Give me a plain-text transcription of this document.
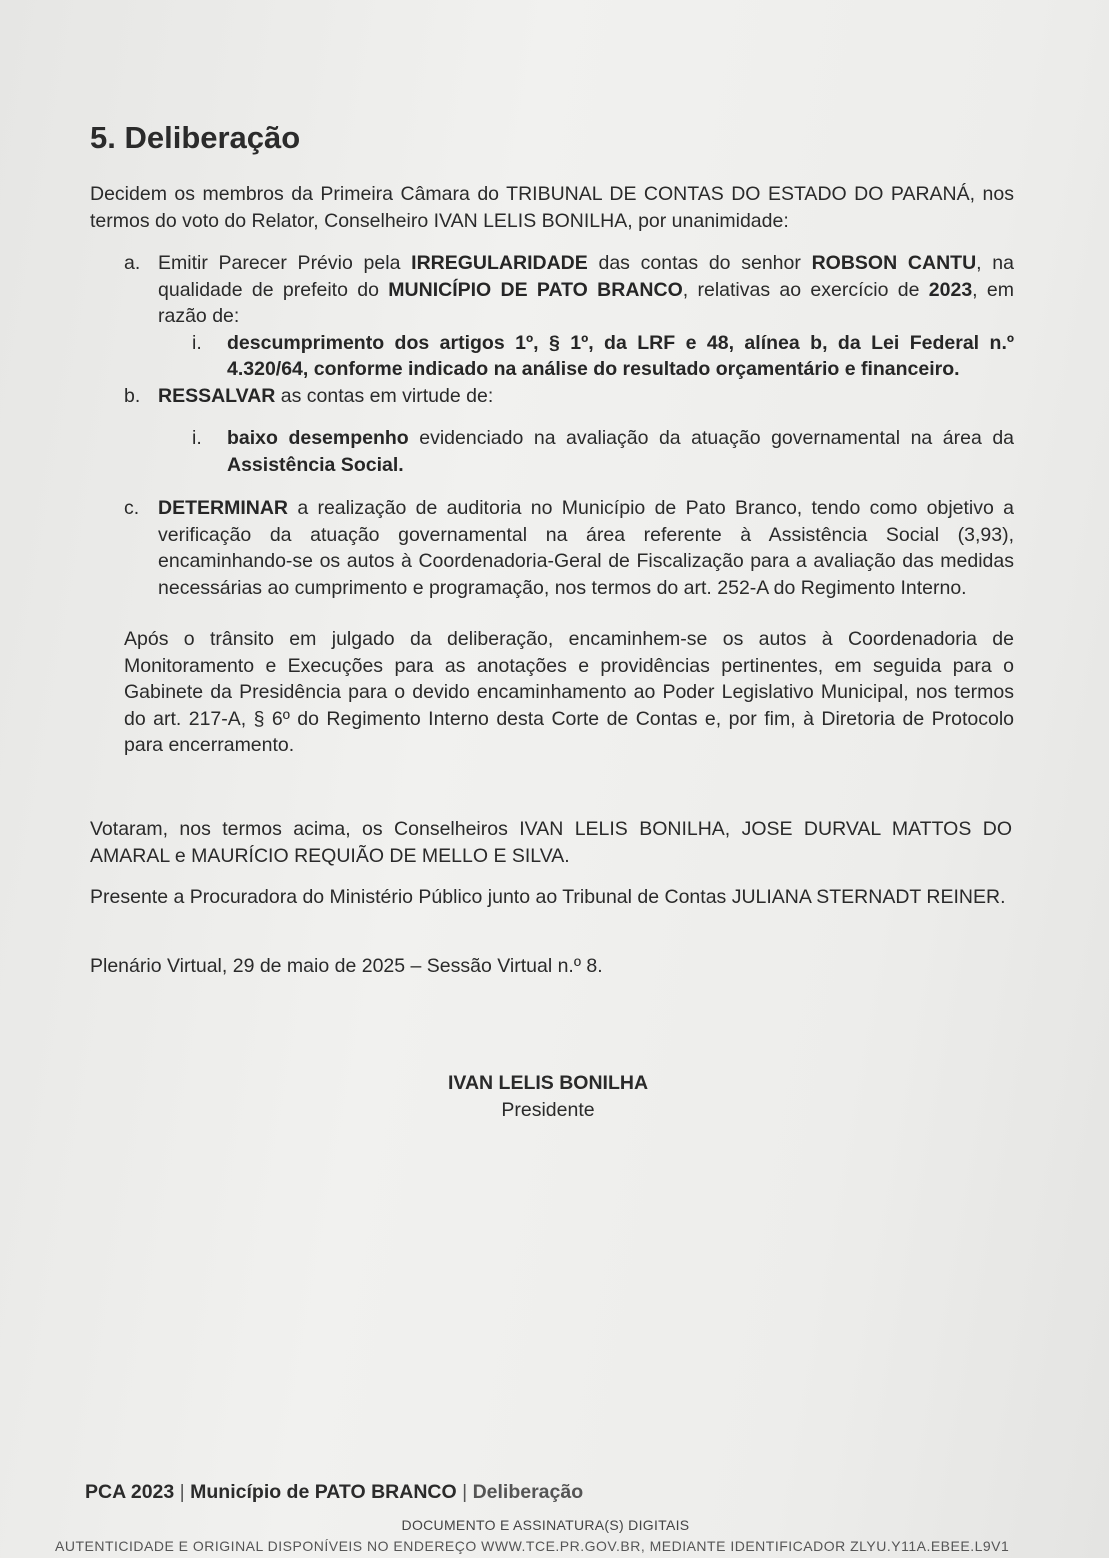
5. Deliberação

Decidem os membros da Primeira Câmara do TRIBUNAL DE CONTAS DO ESTADO DO PARANÁ, nos termos do voto do Relator, Conselheiro IVAN LELIS BONILHA, por unanimidade:

a. Emitir Parecer Prévio pela IRREGULARIDADE das contas do senhor ROBSON CANTU, na qualidade de prefeito do MUNICÍPIO DE PATO BRANCO, relativas ao exercício de 2023, em razão de:
i. descumprimento dos artigos 1º, § 1º, da LRF e 48, alínea b, da Lei Federal n.º 4.320/64, conforme indicado na análise do resultado orçamentário e financeiro.
b. RESSALVAR as contas em virtude de:
i. baixo desempenho evidenciado na avaliação da atuação governamental na área da Assistência Social.
c. DETERMINAR a realização de auditoria no Município de Pato Branco, tendo como objetivo a verificação da atuação governamental na área referente à Assistência Social (3,93), encaminhando-se os autos à Coordenadoria-Geral de Fiscalização para a avaliação das medidas necessárias ao cumprimento e programação, nos termos do art. 252-A do Regimento Interno.

Após o trânsito em julgado da deliberação, encaminhem-se os autos à Coordenadoria de Monitoramento e Execuções para as anotações e providências pertinentes, em seguida para o Gabinete da Presidência para o devido encaminhamento ao Poder Legislativo Municipal, nos termos do art. 217-A, § 6º do Regimento Interno desta Corte de Contas e, por fim, à Diretoria de Protocolo para encerramento.

Votaram, nos termos acima, os Conselheiros IVAN LELIS BONILHA, JOSE DURVAL MATTOS DO AMARAL e MAURÍCIO REQUIÃO DE MELLO E SILVA.

Presente a Procuradora do Ministério Público junto ao Tribunal de Contas JULIANA STERNADT REINER.

Plenário Virtual, 29 de maio de 2025 – Sessão Virtual n.º 8.

IVAN LELIS BONILHA
Presidente
PCA 2023 | Município de PATO BRANCO | Deliberação
DOCUMENTO E ASSINATURA(S) DIGITAIS
AUTENTICIDADE E ORIGINAL DISPONÍVEIS NO ENDEREÇO WWW.TCE.PR.GOV.BR, MEDIANTE IDENTIFICADOR ZLYU.Y11A.EBEE.L9V1
